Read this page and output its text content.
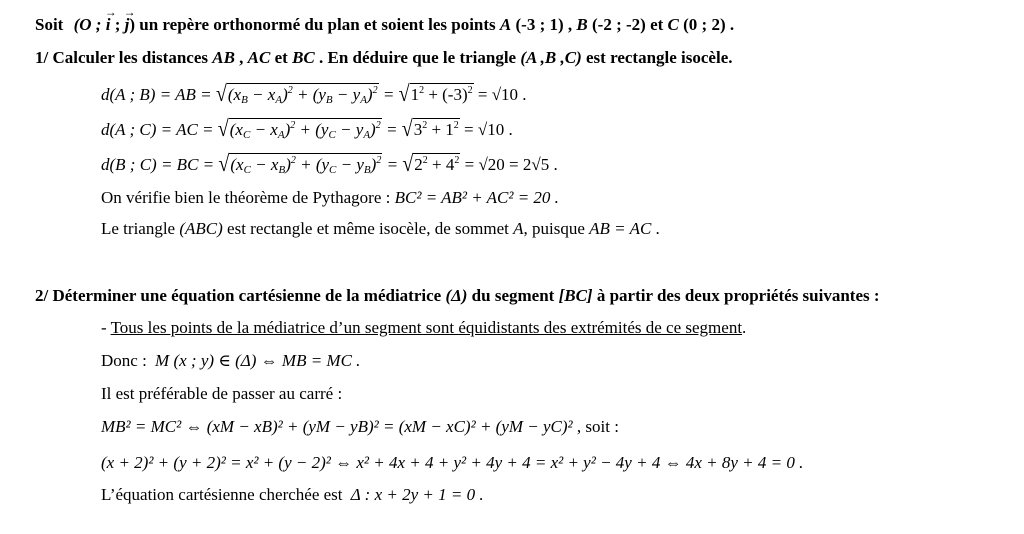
Soit (O ; → i ; → j) un repère orthonormé du plan et soient les points A (-3 ; 1) , B (-2 ; -2) et C (0 ; 2) .
1/ Calculer les distances AB , AC et BC . En déduire que le triangle (A ,B ,C) est rectangle isocèle.
d(A ; B) = AB = $√(x_B - x_A)^2 + (y_B - y_A)^2 = √1^2 + (-3)^2 = √10$ .
d(A ; C) = AC = $√(x_C - x_A)^2 + (y_C - y_A)^2 = √3^2 + 1^2 = √10$ .
d(B ; C) = BC = $√(x_C - x_B)^2 + (y_C - y_B)^2 = √2^2 + 4^2 = √20 = 2√5$ .
On vérifie bien le théorème de Pythagore : BC² = AB² + AC² = 20 .
Le triangle (ABC) est rectangle et même isocèle, de sommet A, puisque AB = AC .
2/ Déterminer une équation cartésienne de la médiatrice (Δ) du segment [BC] à partir des deux propriétés suivantes :
- Tous les points de la médiatrice d’un segment sont équidistants des extrémités de ce segment.
Donc : M (x ; y) ∈ (Δ) ⇔ MB = MC .
Il est préférable de passer au carré :
MB² = MC² ⇔ (xM − xB)² + (yM − yB)² = (xM − xC)² + (yM − yC)² , soit :
(x + 2)² + (y + 2)² = x² + (y − 2)² ⇔ x² + 4x + 4 + y² + 4y + 4 = x² + y² − 4y + 4 ⇔ 4x + 8y + 4 = 0 .
L’équation cartésienne cherchée est Δ : x + 2y + 1 = 0 .
